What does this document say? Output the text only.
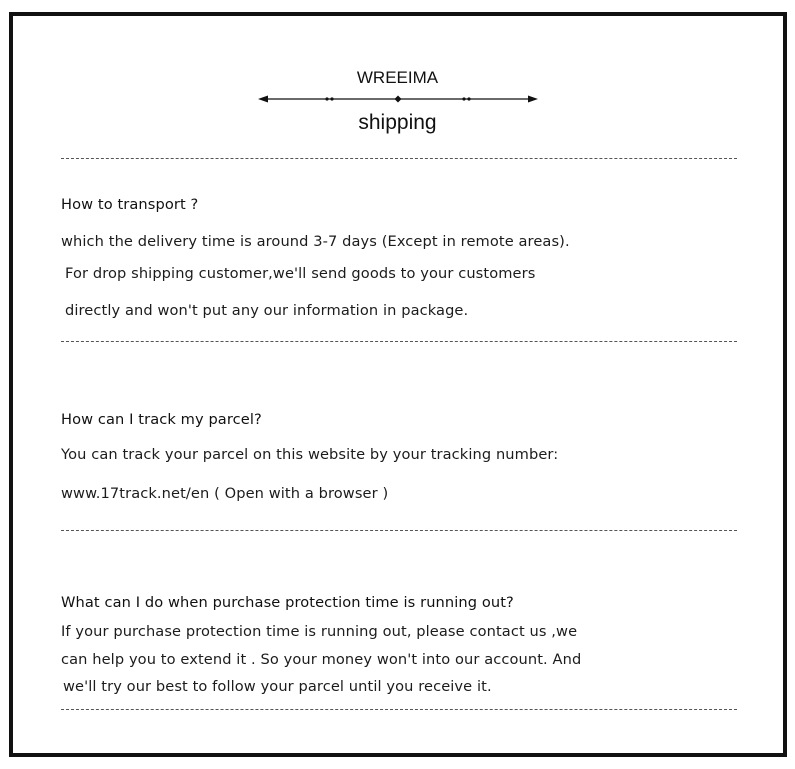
WREEIMA
shipping
How to transport ?
which the delivery time is around 3-7 days (Except in remote areas).
For drop shipping customer,we'll send goods to your customers
directly and won't put any our information in package.
How can I track my parcel?
You can track your parcel on this website by your tracking number:
www.17track.net/en ( Open with a browser )
What can I do when purchase protection time is running out?
If your purchase protection time is running out, please contact us ,we
can help you to extend it . So your money won't into our account. And
we'll try our best to follow your parcel until you receive it.
